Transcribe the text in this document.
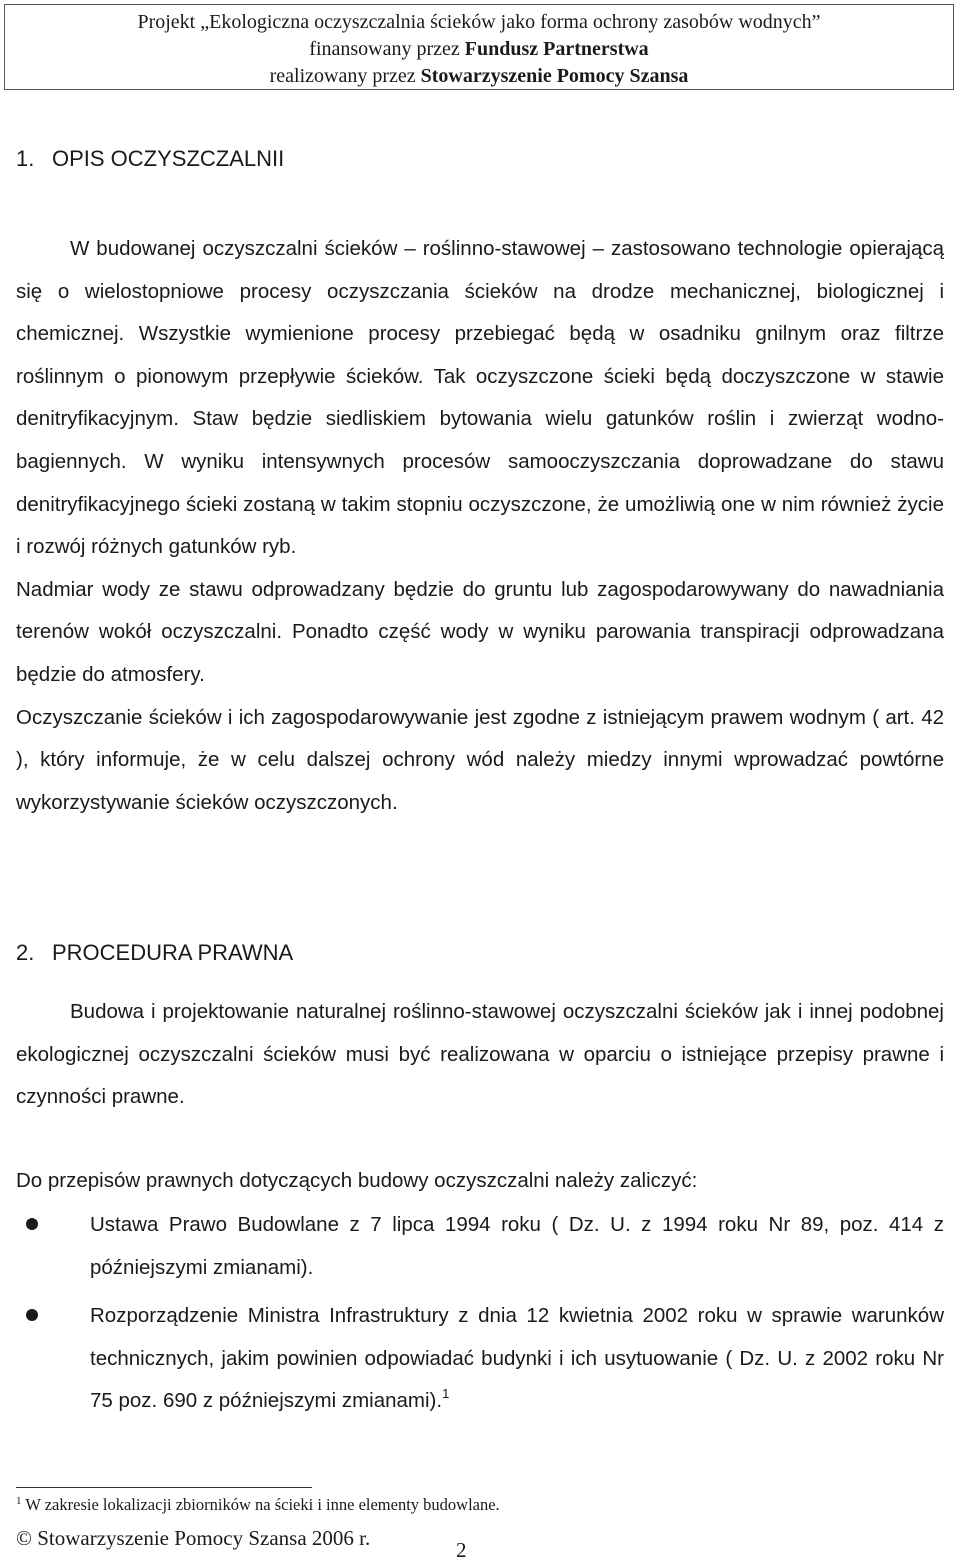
Projekt „Ekologiczna oczyszczalnia ścieków jako forma ochrony zasobów wodnych”
finansowany przez Fundusz Partnerstwa
realizowany przez Stowarzyszenie Pomocy Szansa
1. OPIS OCZYSZCZALNII

W budowanej oczyszczalni ścieków – roślinno-stawowej – zastosowano technologie opierającą się o wielostopniowe procesy oczyszczania ścieków na drodze mechanicznej, biologicznej i chemicznej. Wszystkie wymienione procesy przebiegać będą w osadniku gnilnym oraz filtrze roślinnym o pionowym przepływie ścieków. Tak oczyszczone ścieki będą doczyszczone w stawie denitryfikacyjnym. Staw będzie siedliskiem bytowania wielu gatunków roślin i zwierząt wodno-bagiennych. W wyniku intensywnych procesów samooczyszczania doprowadzane do stawu denitryfikacyjnego ścieki zostaną w takim stopniu oczyszczone, że umożliwią one w nim również życie i rozwój różnych gatunków ryb.

Nadmiar wody ze stawu odprowadzany będzie do gruntu lub zagospodarowywany do nawadniania terenów wokół oczyszczalni. Ponadto część wody w wyniku parowania transpiracji odprowadzana będzie do atmosfery.

Oczyszczanie ścieków i ich zagospodarowywanie jest zgodne z istniejącym prawem wodnym ( art. 42 ), który informuje, że w celu dalszej ochrony wód należy miedzy innymi wprowadzać powtórne wykorzystywanie ścieków oczyszczonych.

2. PROCEDURA PRAWNA

Budowa i projektowanie naturalnej roślinno-stawowej oczyszczalni ścieków jak i innej podobnej ekologicznej oczyszczalni ścieków musi być realizowana w oparciu o istniejące przepisy prawne i czynności prawne.

Do przepisów prawnych dotyczących budowy oczyszczalni należy zaliczyć:

Ustawa Prawo Budowlane z 7 lipca 1994 roku ( Dz. U. z 1994 roku Nr 89, poz. 414 z późniejszymi zmianami).
Rozporządzenie Ministra Infrastruktury z dnia 12 kwietnia 2002 roku w sprawie warunków technicznych, jakim powinien odpowiadać budynki i ich usytuowanie ( Dz. U. z 2002 roku Nr 75 poz. 690 z późniejszymi zmianami).$^1$
$^1$ W zakresie lokalizacji zbiorników na ścieki i inne elementy budowlane.
© Stowarzyszenie Pomocy Szansa 2006 r.	2
